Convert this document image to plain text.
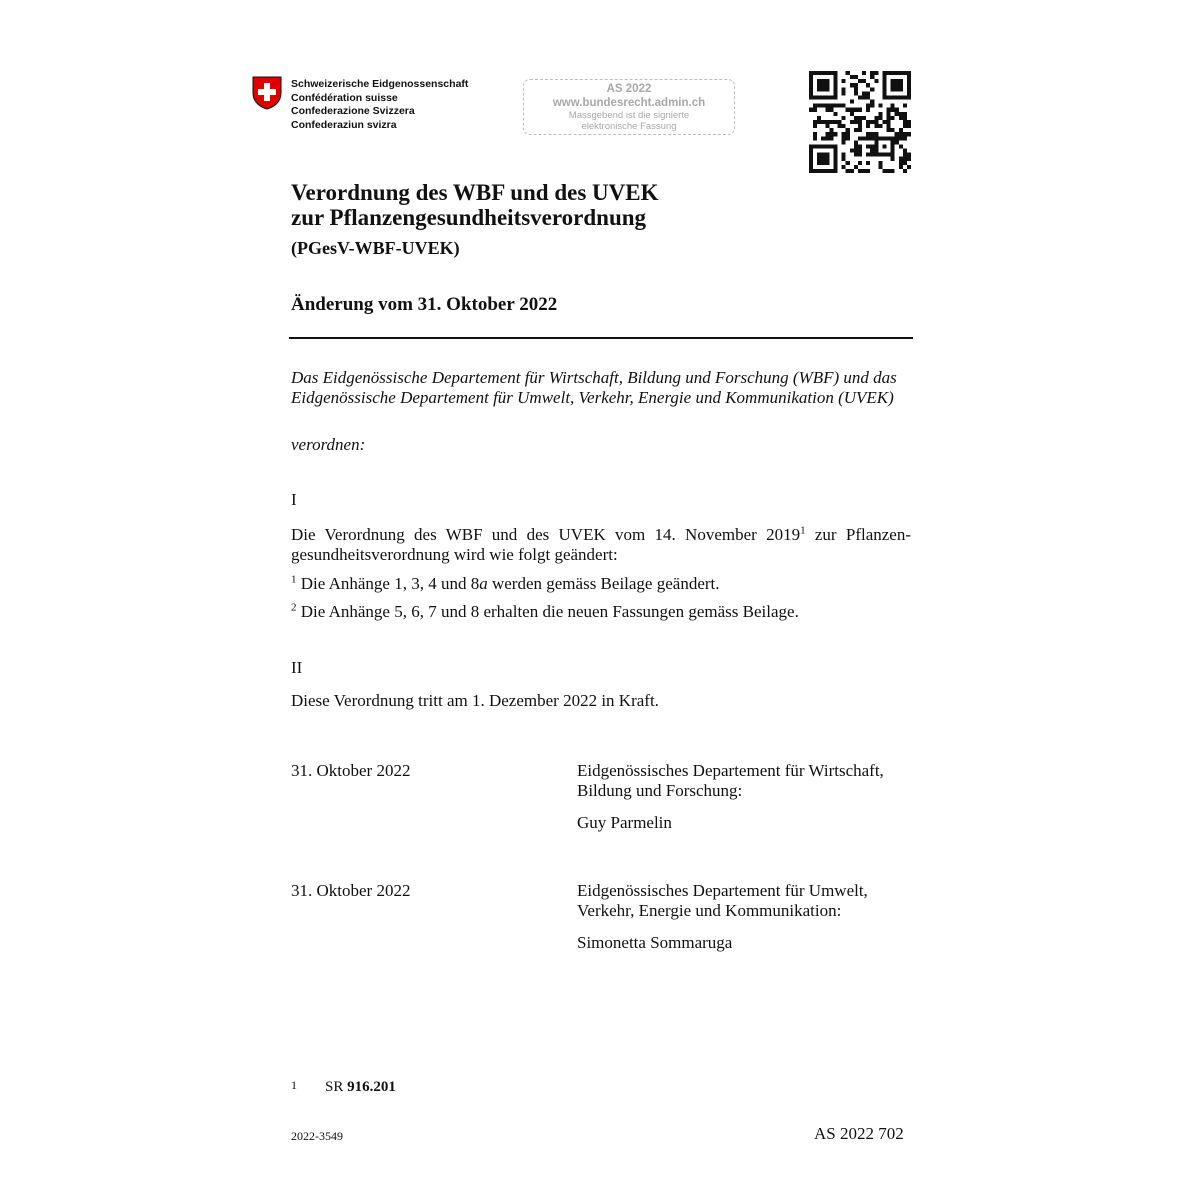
Schweizerische Eidgenossenschaft
Confédération suisse
Confederazione Svizzera
Confederaziun svizra
AS 2022
www.bundesrecht.admin.ch
Massgebend ist die signierte
elektronische Fassung
Verordnung des WBF und des UVEK
zur Pflanzengesundheitsverordnung
(PGesV-WBF-UVEK)
Änderung vom 31. Oktober 2022
Das Eidgenössische Departement für Wirtschaft, Bildung und Forschung (WBF) und das Eidgenössische Departement für Umwelt, Verkehr, Energie und Kommunikation (UVEK)
verordnen:
I
Die Verordnung des WBF und des UVEK vom 14. November 2019$^1$ zur Pflanzen- gesundheitsverordnung wird wie folgt geändert:
$^1$ Die Anhänge 1, 3, 4 und 8a werden gemäss Beilage geändert.
$^2$ Die Anhänge 5, 6, 7 und 8 erhalten die neuen Fassungen gemäss Beilage.
II
Diese Verordnung tritt am 1. Dezember 2022 in Kraft.
31. Oktober 2022	Eidgenössisches Departement für Wirtschaft, Bildung und Forschung:
Guy Parmelin
31. Oktober 2022	Eidgenössisches Departement für Umwelt, Verkehr, Energie und Kommunikation:
Simonetta Sommaruga
1 SR 916.201
2022-3549	AS 2022 702
